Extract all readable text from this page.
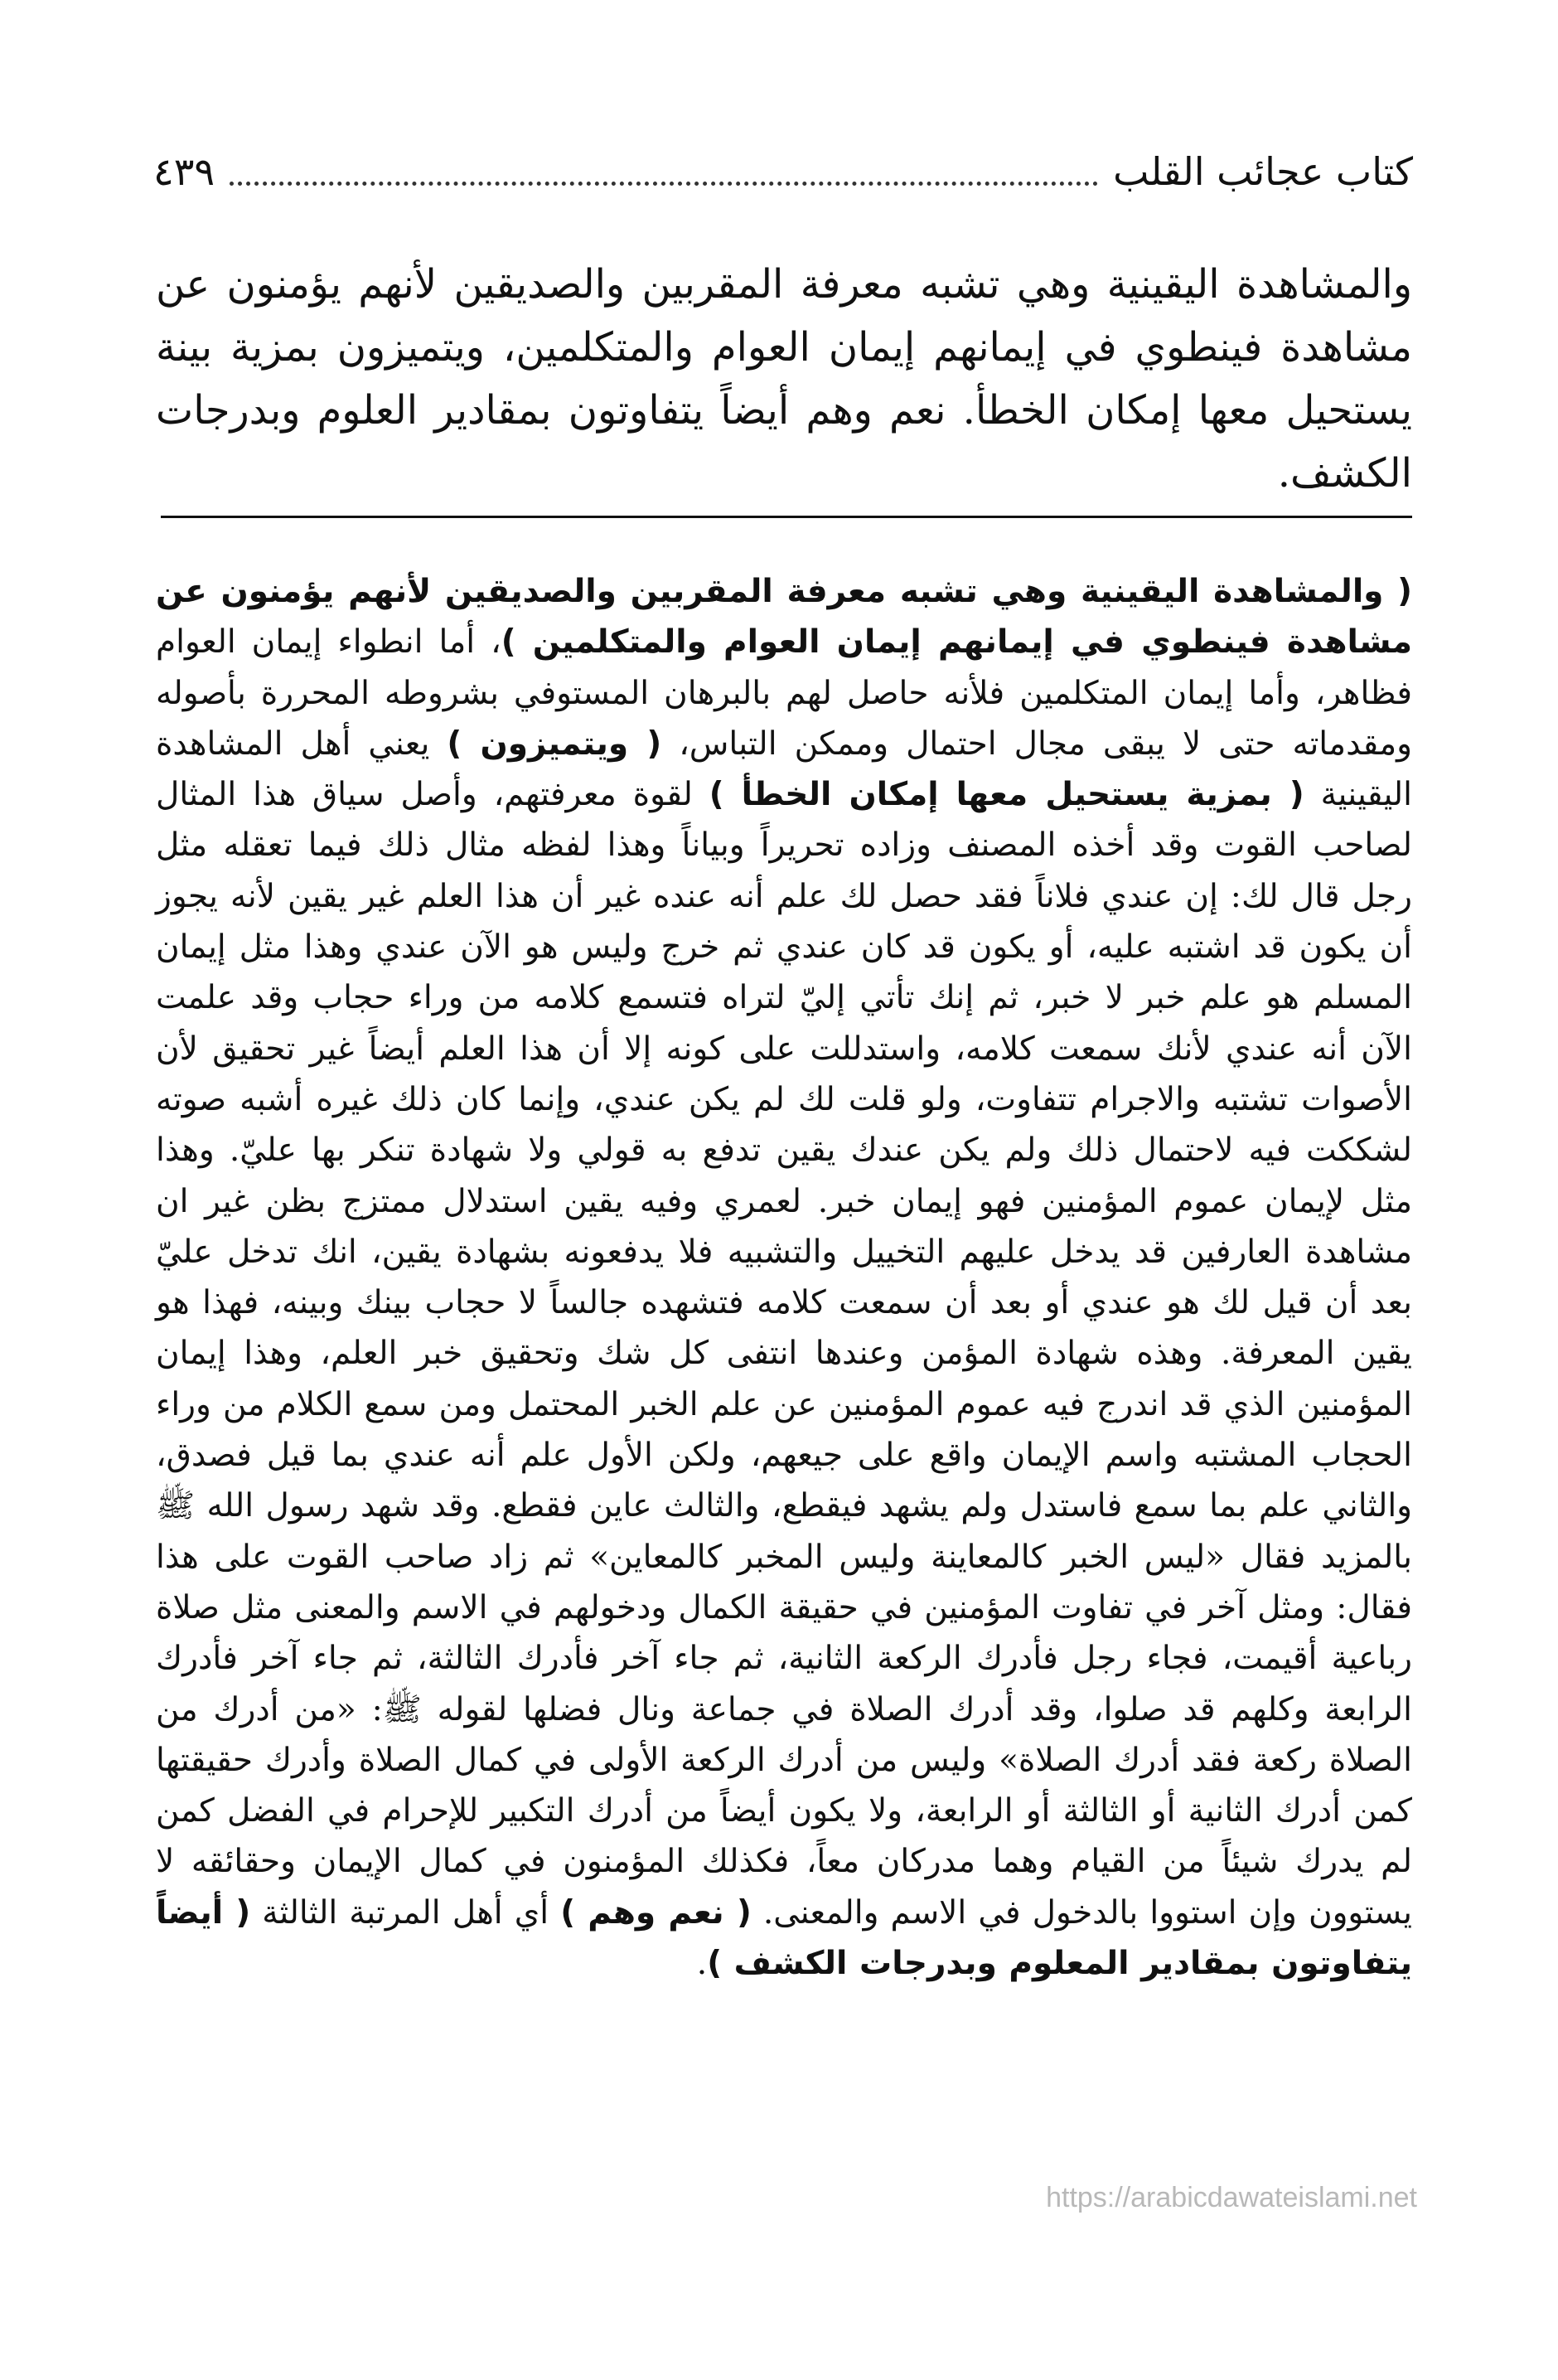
كتاب عجائب القلب
٤٣٩

والمشاهدة اليقينية وهي تشبه معرفة المقربين والصديقين لأنهم يؤمنون عن مشاهدة فينطوي في إيمانهم إيمان العوام والمتكلمين، ويتميزون بمزية بينة يستحيل معها إمكان الخطأ. نعم وهم أيضاً يتفاوتون بمقادير العلوم وبدرجات الكشف.

( والمشاهدة اليقينية وهي تشبه معرفة المقربين والصديقين لأنهم يؤمنون عن مشاهدة فينطوي في إيمانهم إيمان العوام والمتكلمين )، أما انطواء إيمان العوام فظاهر، وأما إيمان المتكلمين فلأنه حاصل لهم بالبرهان المستوفي بشروطه المحررة بأصوله ومقدماته حتى لا يبقى مجال احتمال وممكن التباس، ( ويتميزون ) يعني أهل المشاهدة اليقينية ( بمزية يستحيل معها إمكان الخطأ ) لقوة معرفتهم، وأصل سياق هذا المثال لصاحب القوت وقد أخذه المصنف وزاده تحريراً وبياناً وهذا لفظه مثال ذلك فيما تعقله مثل رجل قال لك: إن عندي فلاناً فقد حصل لك علم أنه عنده غير أن هذا العلم غير يقين لأنه يجوز أن يكون قد اشتبه عليه، أو يكون قد كان عندي ثم خرج وليس هو الآن عندي وهذا مثل إيمان المسلم هو علم خبر لا خبر، ثم إنك تأتي إليّ لتراه فتسمع كلامه من وراء حجاب وقد علمت الآن أنه عندي لأنك سمعت كلامه، واستدللت على كونه إلا أن هذا العلم أيضاً غير تحقيق لأن الأصوات تشتبه والاجرام تتفاوت، ولو قلت لك لم يكن عندي، وإنما كان ذلك غيره أشبه صوته لشككت فيه لاحتمال ذلك ولم يكن عندك يقين تدفع به قولي ولا شهادة تنكر بها عليّ. وهذا مثل لإيمان عموم المؤمنين فهو إيمان خبر. لعمري وفيه يقين استدلال ممتزج بظن غير ان مشاهدة العارفين قد يدخل عليهم التخييل والتشبيه فلا يدفعونه بشهادة يقين، انك تدخل عليّ بعد أن قيل لك هو عندي أو بعد أن سمعت كلامه فتشهده جالساً لا حجاب بينك وبينه، فهذا هو يقين المعرفة. وهذه شهادة المؤمن وعندها انتفى كل شك وتحقيق خبر العلم، وهذا إيمان المؤمنين الذي قد اندرج فيه عموم المؤمنين عن علم الخبر المحتمل ومن سمع الكلام من وراء الحجاب المشتبه واسم الإيمان واقع على جيعهم، ولكن الأول علم أنه عندي بما قيل فصدق، والثاني علم بما سمع فاستدل ولم يشهد فيقطع، والثالث عاين فقطع. وقد شهد رسول الله ﷺ بالمزيد فقال «ليس الخبر كالمعاينة وليس المخبر كالمعاين» ثم زاد صاحب القوت على هذا فقال: ومثل آخر في تفاوت المؤمنين في حقيقة الكمال ودخولهم في الاسم والمعنى مثل صلاة رباعية أقيمت، فجاء رجل فأدرك الركعة الثانية، ثم جاء آخر فأدرك الثالثة، ثم جاء آخر فأدرك الرابعة وكلهم قد صلوا، وقد أدرك الصلاة في جماعة ونال فضلها لقوله ﷺ: «من أدرك من الصلاة ركعة فقد أدرك الصلاة» وليس من أدرك الركعة الأولى في كمال الصلاة وأدرك حقيقتها كمن أدرك الثانية أو الثالثة أو الرابعة، ولا يكون أيضاً من أدرك التكبير للإحرام في الفضل كمن لم يدرك شيئاً من القيام وهما مدركان معاً، فكذلك المؤمنون في كمال الإيمان وحقائقه لا يستوون وإن استووا بالدخول في الاسم والمعنى. ( نعم وهم ) أي أهل المرتبة الثالثة ( أيضاً يتفاوتون بمقادير المعلوم وبدرجات الكشف ).

https://arabicdawateislami.net
